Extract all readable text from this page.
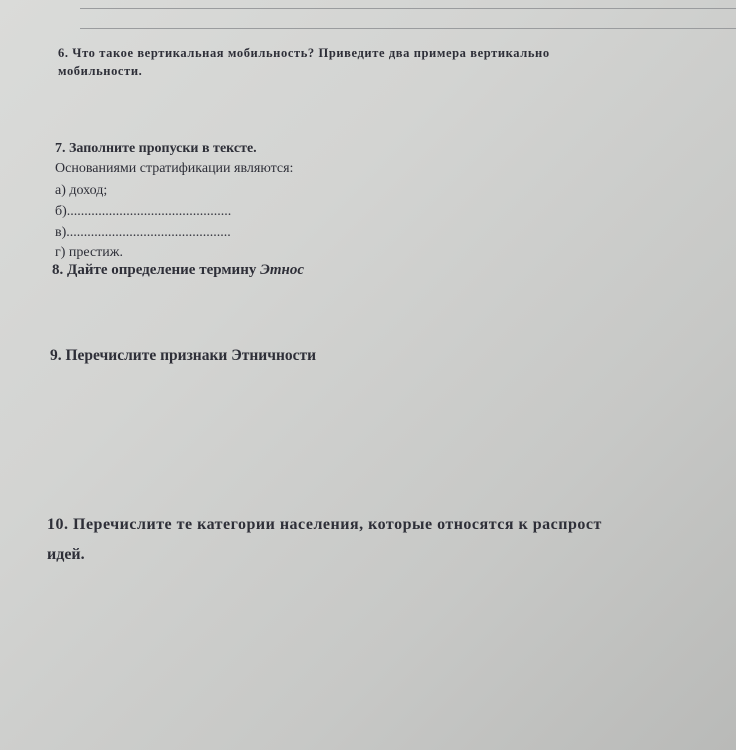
6. Что такое вертикальная мобильность? Приведите два примера вертикально

мобильности.

7. Заполните пропуски в тексте.

Основаниями стратификации являются:

а) доход;

б)...............................................

в)...............................................

г) престиж.

8. Дайте определение термину Этнос

9. Перечислите признаки Этничности

10. Перечислите те категории населения, которые относятся к распрост

идей.
